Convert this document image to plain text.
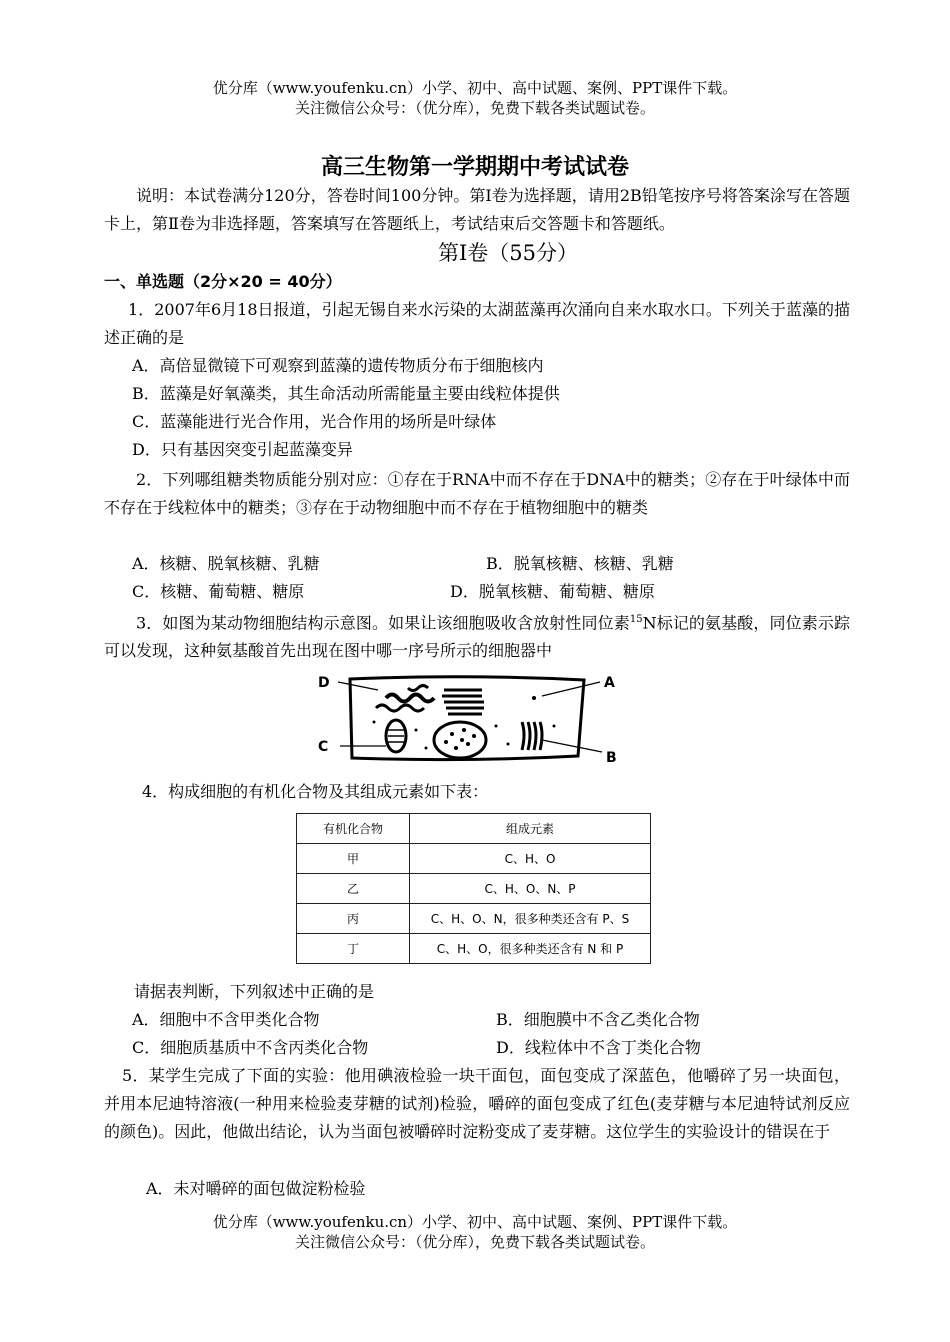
优分库（www.youfenku.cn）小学、初中、高中试题、案例、PPT课件下载。
关注微信公众号：（优分库），免费下载各类试题试卷。
高三生物第一学期期中考试试卷
说明：本试卷满分120分，答卷时间100分钟。第Ⅰ卷为选择题，请用2B铅笔按序号将答案涂写在答题卡上，第Ⅱ卷为非选择题，答案填写在答题纸上，考试结束后交答题卡和答题纸。
第Ⅰ卷（55分）
一、单选题（2分×20 = 40分）
1．2007年6月18日报道，引起无锡自来水污染的太湖蓝藻再次涌向自来水取水口。下列关于蓝藻的描述正确的是
A．高倍显微镜下可观察到蓝藻的遗传物质分布于细胞核内
B．蓝藻是好氧藻类，其生命活动所需能量主要由线粒体提供
C．蓝藻能进行光合作用，光合作用的场所是叶绿体
D．只有基因突变引起蓝藻变异
2．下列哪组糖类物质能分别对应：①存在于RNA中而不存在于DNA中的糖类；②存在于叶绿体中而不存在于线粒体中的糖类；③存在于动物细胞中而不存在于植物细胞中的糖类
A．核糖、脱氧核糖、乳糖	B．脱氧核糖、核糖、乳糖
C．核糖、葡萄糖、糖原	D．脱氧核糖、葡萄糖、糖原
3．如图为某动物细胞结构示意图。如果让该细胞吸收含放射性同位素$^{15}$N标记的氨基酸，同位素示踪可以发现，这种氨基酸首先出现在图中哪一序号所示的细胞器中
D	A
C
B
4．构成细胞的有机化合物及其组成元素如下表：
有机化合物	组成元素
甲	C、H、O
乙	C、H、O、N、P
丙	C、H、O、N，很多种类还含有 P、S
丁	C、H、O，很多种类还含有 N 和 P
请据表判断，下列叙述中正确的是
A．细胞中不含甲类化合物	B．细胞膜中不含乙类化合物
C．细胞质基质中不含丙类化合物	D．线粒体中不含丁类化合物
5．某学生完成了下面的实验：他用碘液检验一块干面包，面包变成了深蓝色，他嚼碎了另一块面包，并用本尼迪特溶液(一种用来检验麦芽糖的试剂)检验，嚼碎的面包变成了红色(麦芽糖与本尼迪特试剂反应的颜色)。因此，他做出结论，认为当面包被嚼碎时淀粉变成了麦芽糖。这位学生的实验设计的错误在于
A．未对嚼碎的面包做淀粉检验
优分库（www.youfenku.cn）小学、初中、高中试题、案例、PPT课件下载。
关注微信公众号：（优分库），免费下载各类试题试卷。
